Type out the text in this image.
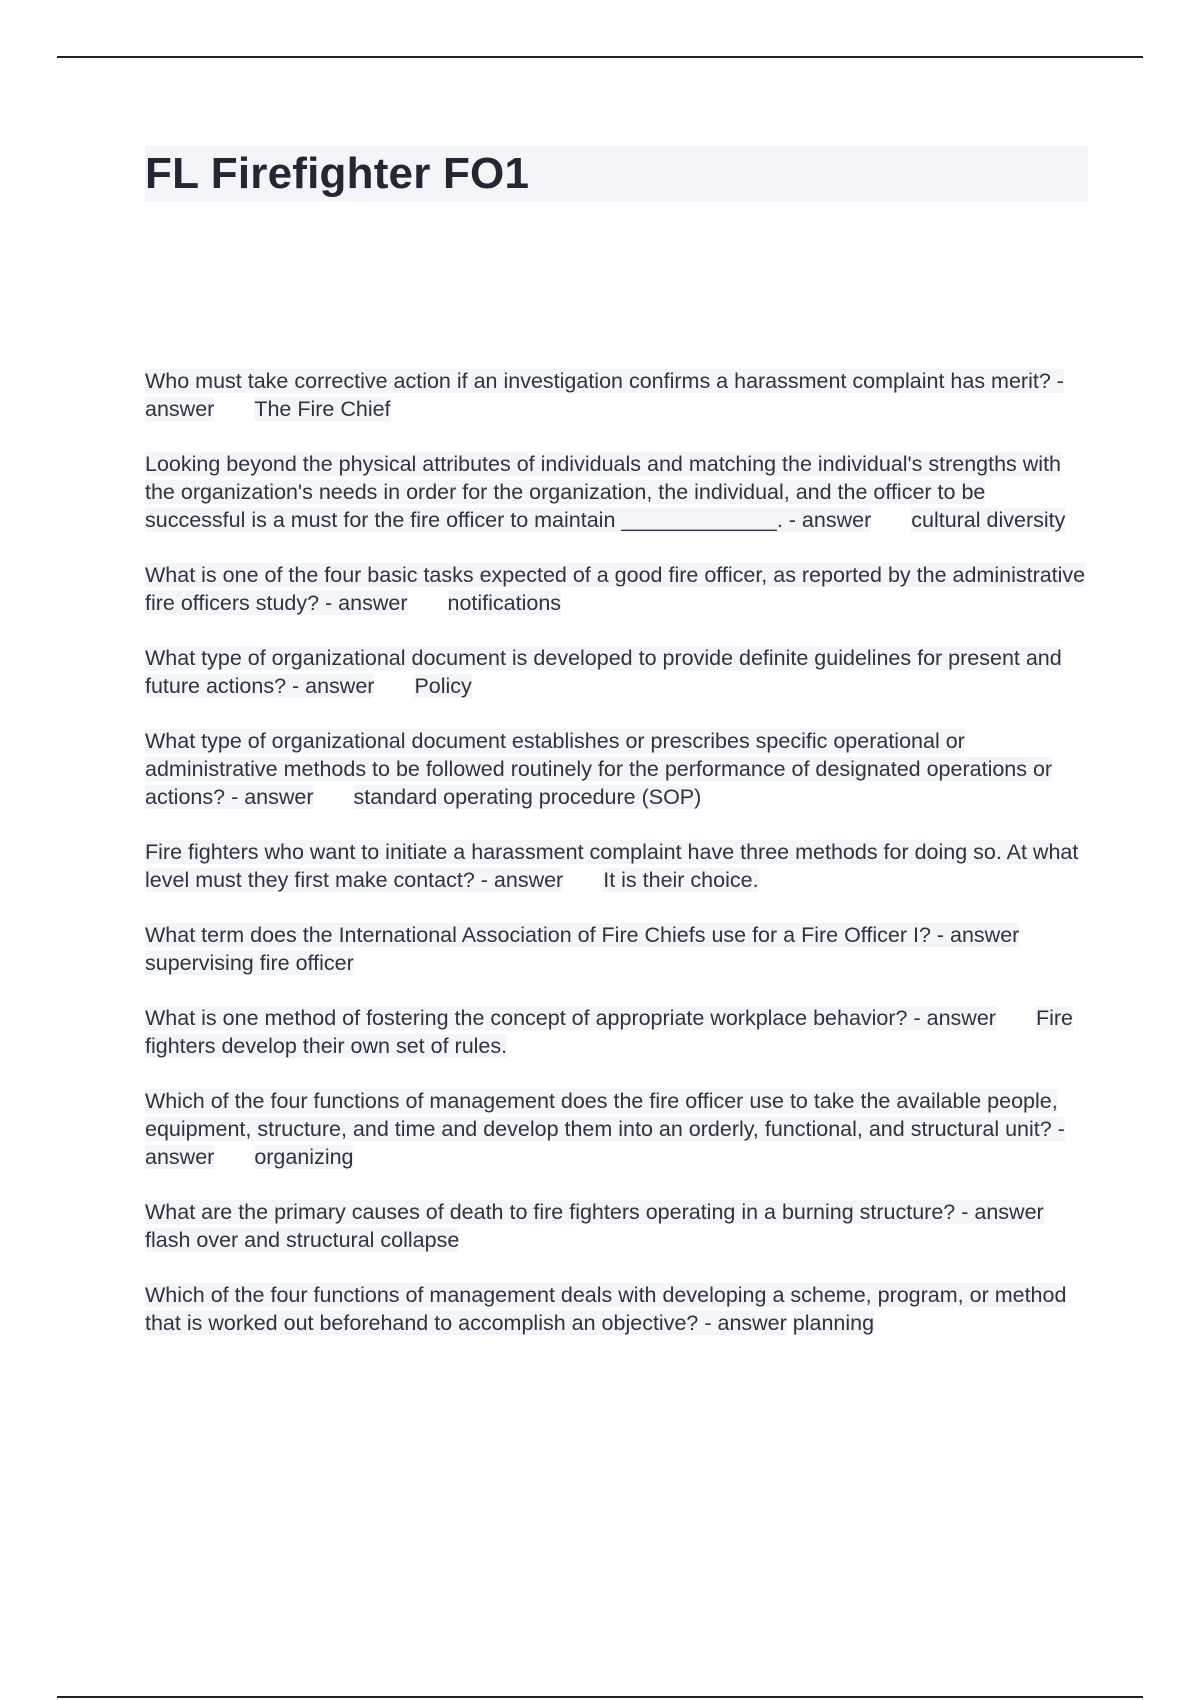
FL Firefighter FO1

Who must take corrective action if an investigation confirms a harassment complaint has merit? - answer The Fire Chief

Looking beyond the physical attributes of individuals and matching the individual's strengths with the organization's needs in order for the organization, the individual, and the officer to be successful is a must for the fire officer to maintain _____________. - answer cultural diversity

What is one of the four basic tasks expected of a good fire officer, as reported by the administrative fire officers study? - answer notifications

What type of organizational document is developed to provide definite guidelines for present and future actions? - answer Policy

What type of organizational document establishes or prescribes specific operational or administrative methods to be followed routinely for the performance of designated operations or actions? - answer standard operating procedure (SOP)

Fire fighters who want to initiate a harassment complaint have three methods for doing so. At what level must they first make contact? - answer It is their choice.

What term does the International Association of Fire Chiefs use for a Fire Officer I? - answersupervising fire officer

What is one method of fostering the concept of appropriate workplace behavior? - answer Fire fighters develop their own set of rules.

Which of the four functions of management does the fire officer use to take the available people, equipment, structure, and time and develop them into an orderly, functional, and structural unit? - answer organizing

What are the primary causes of death to fire fighters operating in a burning structure? - answerflash over and structural collapse

Which of the four functions of management deals with developing a scheme, program, or method that is worked out beforehand to accomplish an objective? - answer planning
